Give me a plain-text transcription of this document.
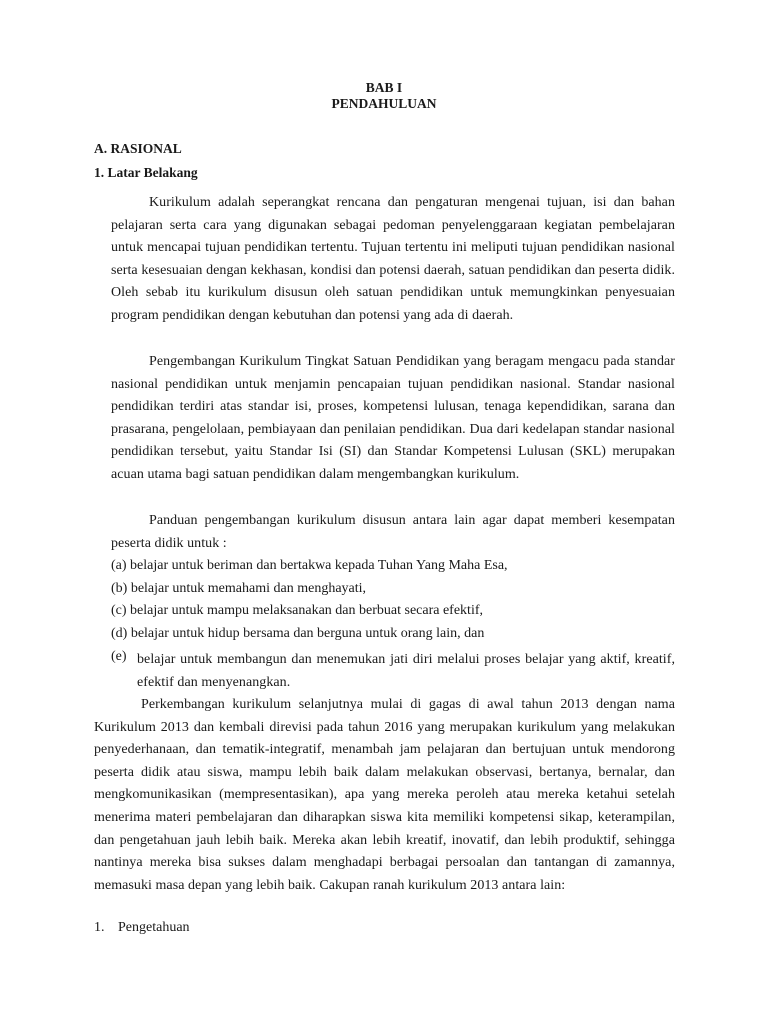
BAB I
PENDAHULUAN
A. RASIONAL
1. Latar Belakang

Kurikulum adalah seperangkat rencana dan pengaturan mengenai tujuan, isi dan bahan pelajaran serta cara yang digunakan sebagai pedoman penyelenggaraan kegiatan pembelajaran untuk mencapai tujuan pendidikan tertentu. Tujuan tertentu ini meliputi tujuan pendidikan nasional serta kesesuaian dengan kekhasan, kondisi dan potensi daerah, satuan pendidikan dan peserta didik. Oleh sebab itu kurikulum disusun oleh satuan pendidikan untuk memungkinkan penyesuaian program pendidikan dengan kebutuhan dan potensi yang ada di daerah.

Pengembangan Kurikulum Tingkat Satuan Pendidikan yang beragam mengacu pada standar nasional pendidikan untuk menjamin pencapaian tujuan pendidikan nasional. Standar nasional pendidikan terdiri atas standar isi, proses, kompetensi lulusan, tenaga kependidikan, sarana dan prasarana, pengelolaan, pembiayaan dan penilaian pendidikan. Dua dari kedelapan standar nasional pendidikan tersebut, yaitu Standar Isi (SI) dan Standar Kompetensi Lulusan (SKL) merupakan acuan utama bagi satuan pendidikan dalam mengembangkan kurikulum.

Panduan pengembangan kurikulum disusun antara lain agar dapat memberi kesempatan peserta didik untuk :

(a) belajar untuk beriman dan bertakwa kepada Tuhan Yang Maha Esa,
(b) belajar untuk memahami dan menghayati,
(c) belajar untuk mampu melaksanakan dan berbuat secara efektif,
(d) belajar untuk hidup bersama dan berguna untuk orang lain, dan
(e) belajar untuk membangun dan menemukan jati diri melalui proses belajar yang aktif, kreatif, efektif dan menyenangkan.

Perkembangan kurikulum selanjutnya mulai di gagas di awal tahun 2013 dengan nama Kurikulum 2013 dan kembali direvisi pada tahun 2016 yang merupakan kurikulum yang melakukan penyederhanaan, dan tematik-integratif, menambah jam pelajaran dan bertujuan untuk mendorong peserta didik atau siswa, mampu lebih baik dalam melakukan observasi, bertanya, bernalar, dan mengkomunikasikan (mempresentasikan), apa yang mereka peroleh atau mereka ketahui setelah menerima materi pembelajaran dan diharapkan siswa kita memiliki kompetensi sikap, keterampilan, dan pengetahuan jauh lebih baik. Mereka akan lebih kreatif, inovatif, dan lebih produktif, sehingga nantinya mereka bisa sukses dalam menghadapi berbagai persoalan dan tantangan di zamannya, memasuki masa depan yang lebih baik. Cakupan ranah kurikulum 2013 antara lain:

1. Pengetahuan
